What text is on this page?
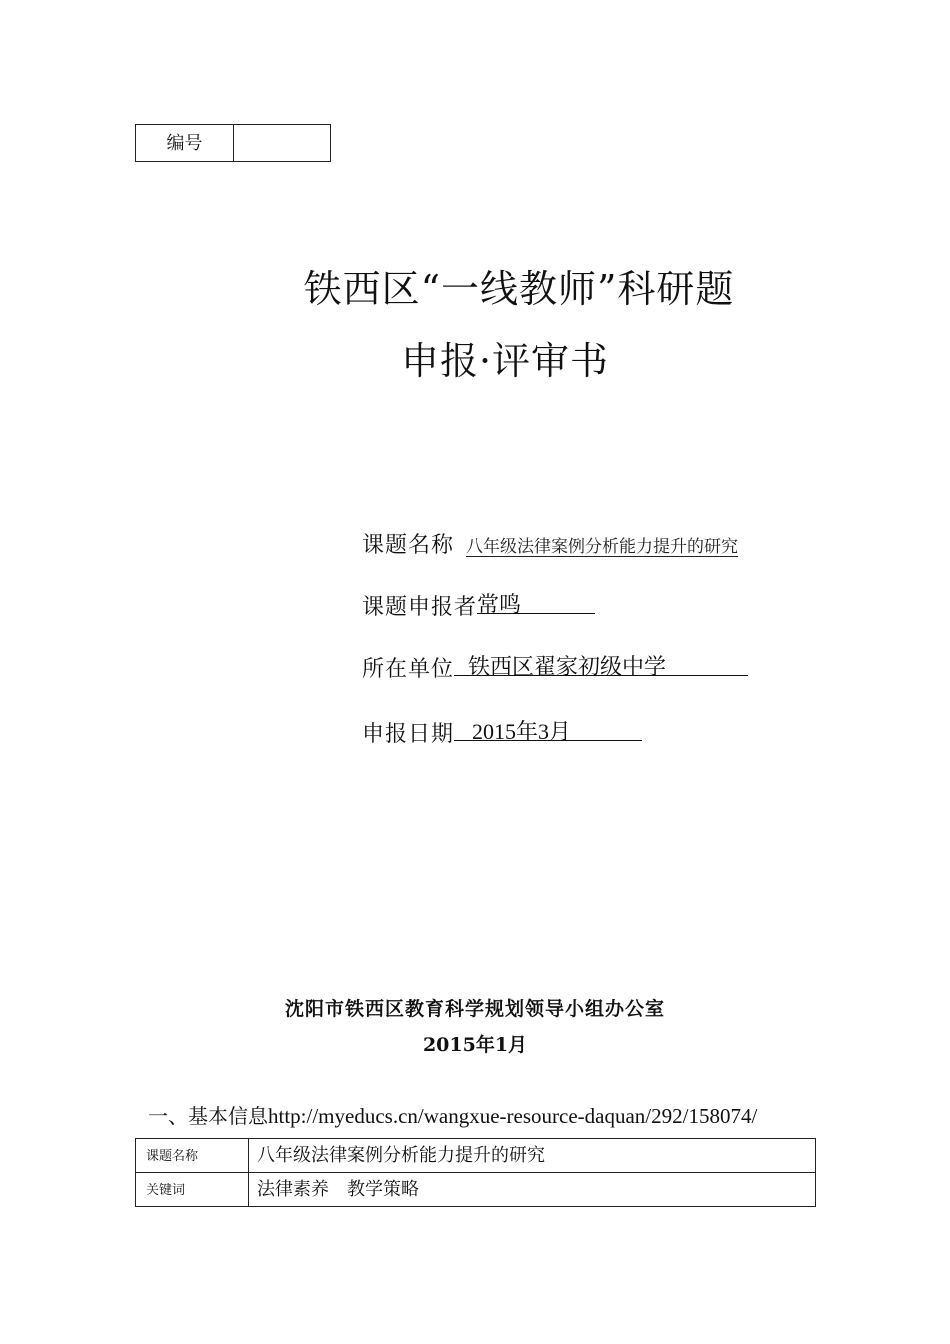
编号
铁西区“一线教师”科研题
申报·评审书
课题名称 八年级法律案例分析能力提升的研究
课题申报者 常鸣
所在单位 铁西区翟家初级中学
申报日期 2015年3月
沈阳市铁西区教育科学规划领导小组办公室
2015年1月
一、基本信息http://myeducs.cn/wangxue-resource-daquan/292/158074/
课题名称	八年级法律案例分析能力提升的研究
关键词	法律素养　教学策略
